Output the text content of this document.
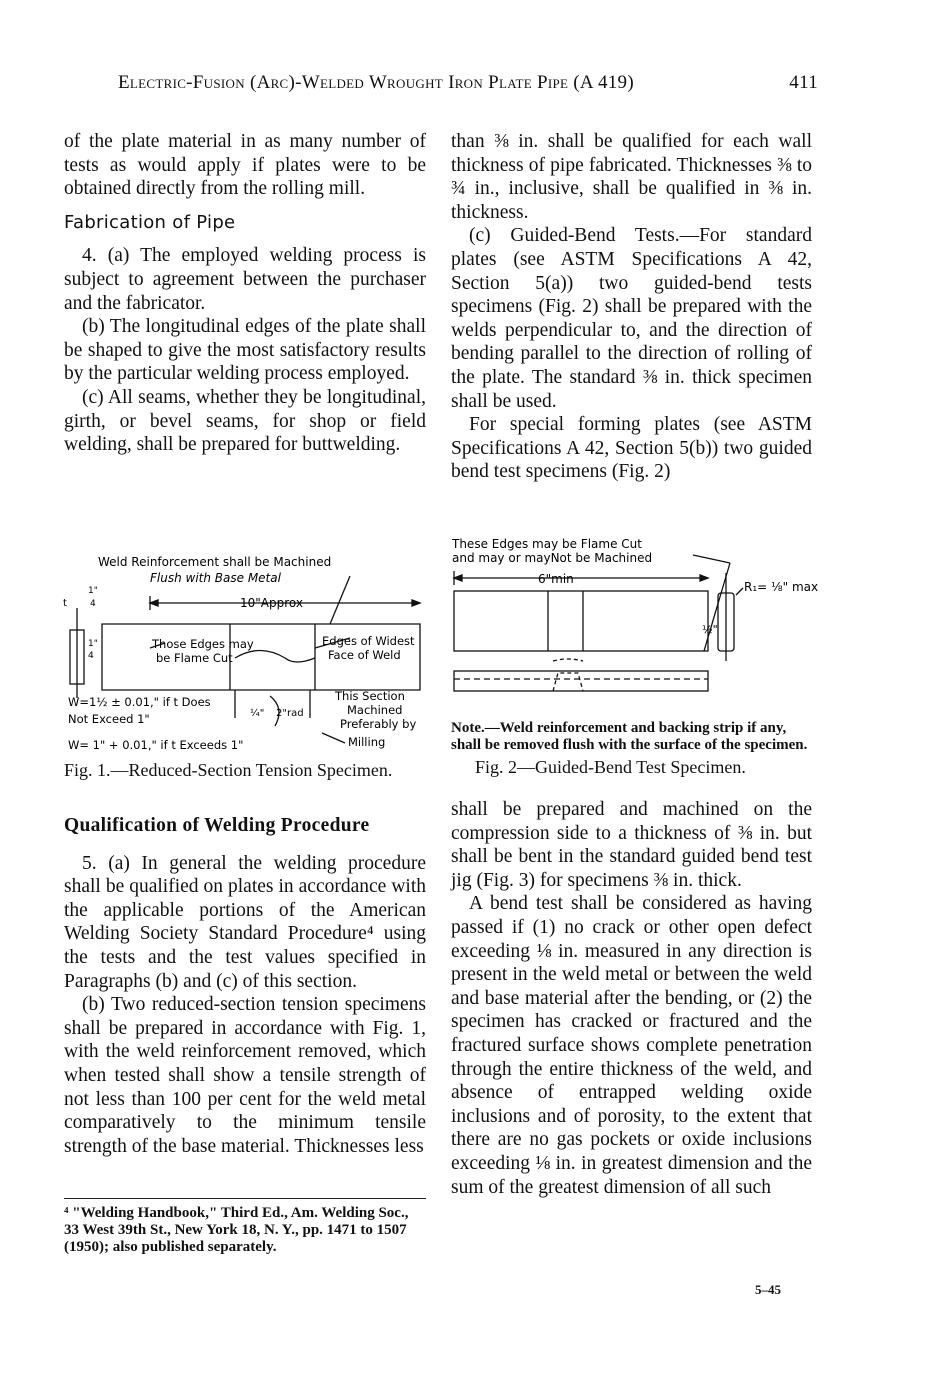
Electric-Fusion (Arc)-Welded Wrought Iron Plate Pipe (A 419)	411

of the plate material in as many number of tests as would apply if plates were to be obtained directly from the rolling mill.

Fabrication of Pipe

4. (a) The employed welding process is subject to agreement between the purchaser and the fabricator.

(b) The longitudinal edges of the plate shall be shaped to give the most satisfactory results by the particular welding process employed.

(c) All seams, whether they be longitudinal, girth, or bevel seams, for shop or field welding, shall be prepared for buttwelding.

than ⅜ in. shall be qualified for each wall thickness of pipe fabricated. Thicknesses ⅜ to ¾ in., inclusive, shall be qualified in ⅜ in. thickness.

(c) Guided-Bend Tests.—For standard plates (see ASTM Specifications A 42, Section 5(a)) two guided-bend tests specimens (Fig. 2) shall be prepared with the welds perpendicular to, and the direction of bending parallel to the direction of rolling of the plate. The standard ⅜ in. thick specimen shall be used.

For special forming plates (see ASTM Specifications A 42, Section 5(b)) two guided bend test specimens (Fig. 2)

Weld Reinforcement shall be Machined
Flush with Base Metal
10"Approx
1"
4
t
1"
4
Those Edges may
be Flame Cut
Edges of Widest
Face of Weld
W=1½ ± 0.01," if t Does
Not Exceed 1"
W= 1" + 0.01," if t Exceeds 1"
This Section
Machined
Preferably by
Milling
¼" 2"rad
Fig. 1.—Reduced-Section Tension Specimen.
These Edges may be Flame Cut
and may or mayNot be Machined
6"min
R₁= ⅛" max
½"
Note.—Weld reinforcement and backing strip if any, shall be removed flush with the surface of the specimen.
Fig. 2—Guided-Bend Test Specimen.
Qualification of Welding Procedure

5. (a) In general the welding procedure shall be qualified on plates in accordance with the applicable portions of the American Welding Society Standard Procedure⁴ using the tests and the test values specified in Paragraphs (b) and (c) of this section.

(b) Two reduced-section tension specimens shall be prepared in accordance with Fig. 1, with the weld reinforcement removed, which when tested shall show a tensile strength of not less than 100 per cent for the weld metal comparatively to the minimum tensile strength of the base material. Thicknesses less

⁴ "Welding Handbook," Third Ed., Am. Welding Soc., 33 West 39th St., New York 18, N. Y., pp. 1471 to 1507 (1950); also published separately.

shall be prepared and machined on the compression side to a thickness of ⅜ in. but shall be bent in the standard guided bend test jig (Fig. 3) for specimens ⅜ in. thick.

A bend test shall be considered as having passed if (1) no crack or other open defect exceeding ⅛ in. measured in any direction is present in the weld metal or between the weld and base material after the bending, or (2) the specimen has cracked or fractured and the fractured surface shows complete penetration through the entire thickness of the weld, and absence of entrapped welding oxide inclusions and of porosity, to the extent that there are no gas pockets or oxide inclusions exceeding ⅛ in. in greatest dimension and the sum of the greatest dimension of all such

5–45
